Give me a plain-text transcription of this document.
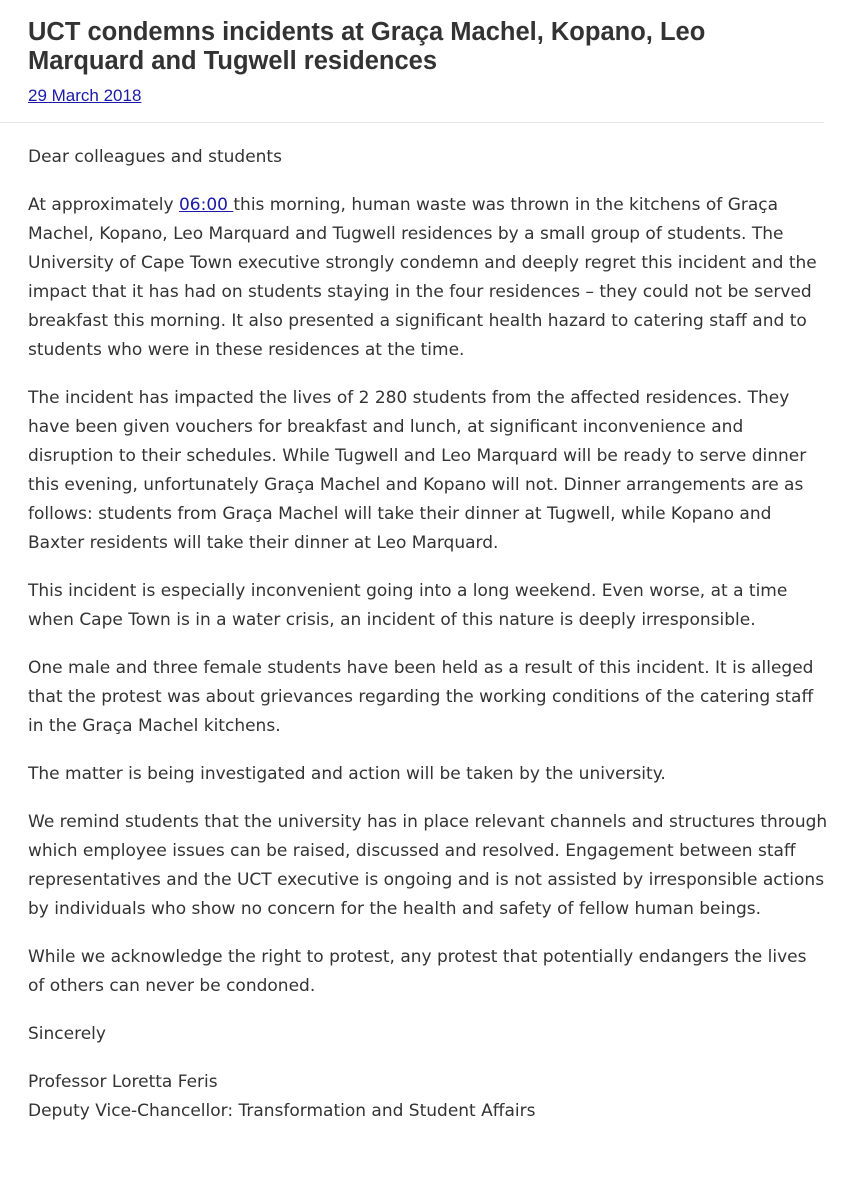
UCT condemns incidents at Graça Machel, Kopano, Leo Marquard and Tugwell residences
29 March 2018

Dear colleagues and students

At approximately 06:00 this morning, human waste was thrown in the kitchens of Graça Machel, Kopano, Leo Marquard and Tugwell residences by a small group of students. The University of Cape Town executive strongly condemn and deeply regret this incident and the impact that it has had on students staying in the four residences – they could not be served breakfast this morning. It also presented a significant health hazard to catering staff and to students who were in these residences at the time.

The incident has impacted the lives of 2 280 students from the affected residences. They have been given vouchers for breakfast and lunch, at significant inconvenience and disruption to their schedules. While Tugwell and Leo Marquard will be ready to serve dinner this evening, unfortunately Graça Machel and Kopano will not. Dinner arrangements are as follows: students from Graça Machel will take their dinner at Tugwell, while Kopano and Baxter residents will take their dinner at Leo Marquard.

This incident is especially inconvenient going into a long weekend. Even worse, at a time when Cape Town is in a water crisis, an incident of this nature is deeply irresponsible.

One male and three female students have been held as a result of this incident. It is alleged that the protest was about grievances regarding the working conditions of the catering staff in the Graça Machel kitchens.

The matter is being investigated and action will be taken by the university.

We remind students that the university has in place relevant channels and structures through which employee issues can be raised, discussed and resolved. Engagement between staff representatives and the UCT executive is ongoing and is not assisted by irresponsible actions by individuals who show no concern for the health and safety of fellow human beings.

While we acknowledge the right to protest, any protest that potentially endangers the lives of others can never be condoned.

Sincerely

Professor Loretta Feris

Deputy Vice-Chancellor: Transformation and Student Affairs
